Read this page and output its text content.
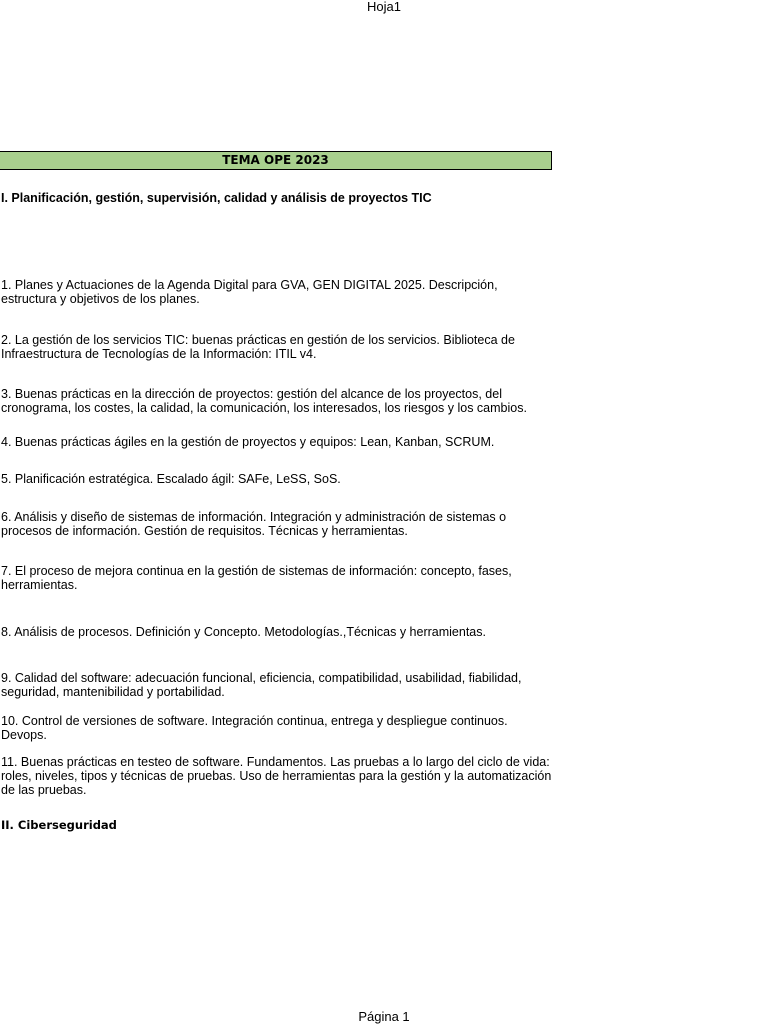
Hoja1
TEMA OPE 2023
I. Planificación, gestión, supervisión, calidad y análisis de proyectos TIC
1. Planes y Actuaciones de la Agenda Digital para GVA, GEN DIGITAL 2025. Descripción, estructura y objetivos de los planes.
2. La gestión de los servicios TIC: buenas prácticas en gestión de los servicios. Biblioteca de Infraestructura de Tecnologías de la Información: ITIL v4.
3. Buenas prácticas en la dirección de proyectos: gestión del alcance de los proyectos, del cronograma, los costes, la calidad, la comunicación, los interesados, los riesgos y los cambios.
4. Buenas prácticas ágiles en la gestión de proyectos y equipos: Lean, Kanban, SCRUM.
5. Planificación estratégica. Escalado ágil: SAFe, LeSS, SoS.
6. Análisis y diseño de sistemas de información. Integración y administración de sistemas o procesos de información. Gestión de requisitos. Técnicas y herramientas.
7. El proceso de mejora continua en la gestión de sistemas de información: concepto, fases, herramientas.
8. Análisis de procesos. Definición y Concepto. Metodologías.,Técnicas y herramientas.
9. Calidad del software: adecuación funcional, eficiencia, compatibilidad, usabilidad, fiabilidad, seguridad, mantenibilidad y portabilidad.
10. Control de versiones de software. Integración continua, entrega y despliegue continuos. Devops.
11. Buenas prácticas en testeo de software. Fundamentos. Las pruebas a lo largo del ciclo de vida: roles, niveles, tipos y técnicas de pruebas. Uso de herramientas para la gestión y la automatización de las pruebas.
II. Ciberseguridad
Página 1
